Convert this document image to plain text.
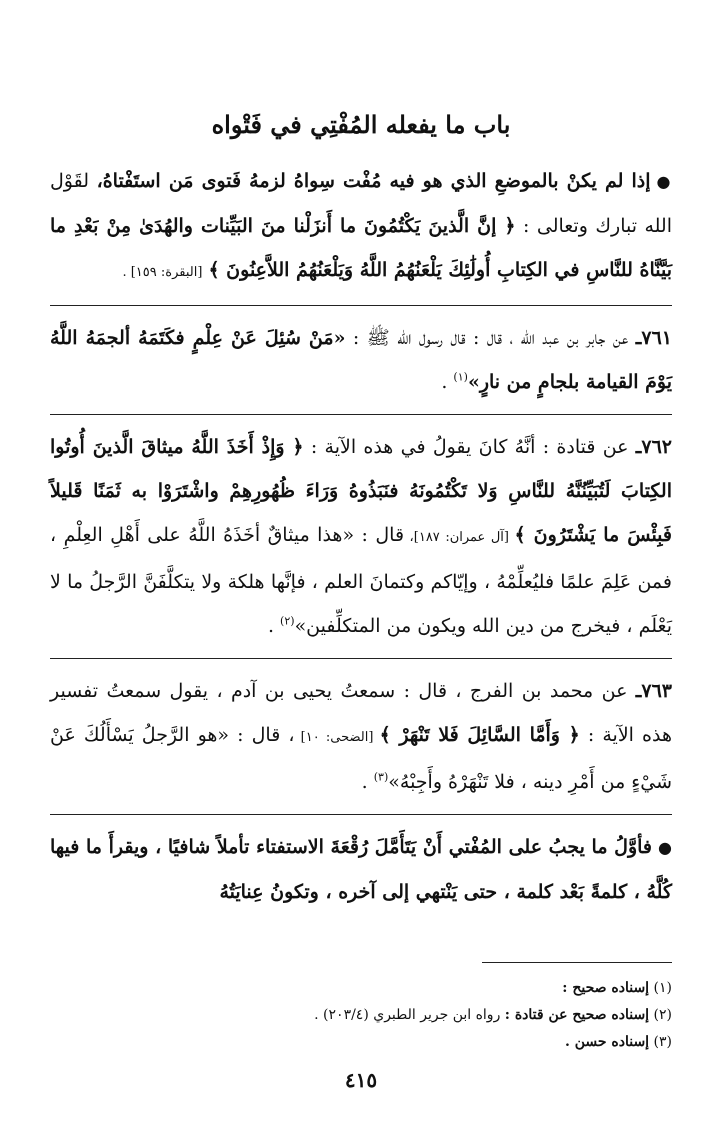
باب ما يفعله المُفْتِي في فَتْواه

●إذا لم يكنْ بالموضعِ الذي هو فيه مُفْت سِواهُ لزمهُ فَتوى مَن استَفْتاهُ، لقَوْل الله تبارك وتعالى : ﴿ إنَّ الَّذينَ يَكْتُمُونَ ما أَنزَلْنا منَ البَيِّنات والهُدَىٰ مِنْ بَعْدِ ما بَيَّنَّاهُ للنَّاسِ في الكِتابِ أُولَٰئِكَ يَلْعَنُهُمُ اللَّهُ وَيَلْعَنُهُمُ اللاَّعِنُونَ ﴾ [البقرة: ١٥٩] .

٧٦١ـ عن جابر بن عبد الله ، قال : قال رسول الله ﷺ : «مَنْ سُئِلَ عَنْ عِلْمٍ فكَتَمَهُ ألجمَهُ اللَّهُ يَوْمَ القيامة بلجامٍ من نارٍ»$^{(١)}$ .

٧٦٢ـ عن قتادة : أنَّهُ كانَ يقولُ في هذه الآية : ﴿ وَإِذْ أَخَذَ اللَّهُ ميثاقَ الَّذينَ أُوتُوا الكِتابَ لَتُبَيِّنُنَّهُ للنَّاسِ وَلا تَكْتُمُونَهُ فنَبَذُوهُ وَرَاءَ ظُهُورِهِمْ واشْتَرَوْا به ثَمَنًا قَليلاً فَبِئْسَ ما يَشْتَرُونَ ﴾ [آل عمران: ١٨٧]، قال : «هذا ميثاقٌ أخَذَهُ اللَّهُ على أَهْلِ العِلْمِ ، فمن عَلِمَ علمًا فليُعلِّمْهُ ، وإيّاكم وكتمانَ العلم ، فإنَّها هلكة ولا يتكلَّفَنَّ الرَّجلُ ما لا يَعْلَم ، فيخرج من دين الله ويكون من المتكلِّفين»$^{(٢)}$ .

٧٦٣ـ عن محمد بن الفرج ، قال : سمعتُ يحيى بن آدم ، يقول سمعتُ تفسير هذه الآية : ﴿ وَأَمَّا السَّائِلَ فَلا تَنْهَرْ ﴾ [الضحى: ١٠] ، قال : «هو الرَّجلُ يَسْأَلُكَ عَنْ شَيْءٍ من أَمْرِ دينه ، فلا تَنْهَرْهُ وأَجِبْهُ»$^{(٣)}$ .

●فأوَّلُ ما يجبُ على المُفْتي أَنْ يَتَأَمَّلَ رُقْعَةَ الاستفتاء تأملاً شافيًا ، ويقرأَ ما فيها كُلَّهُ ، كلمةً بَعْد كلمة ، حتى يَنْتهي إلى آخره ، وتكونُ عِنايَتُهُ

(١) إسناده صحيح :
(٢) إسناده صحيح عن قتادة : رواه ابن جرير الطبري (٢٠٣/٤) .
(٣) إسناده حسن .
٤١٥
